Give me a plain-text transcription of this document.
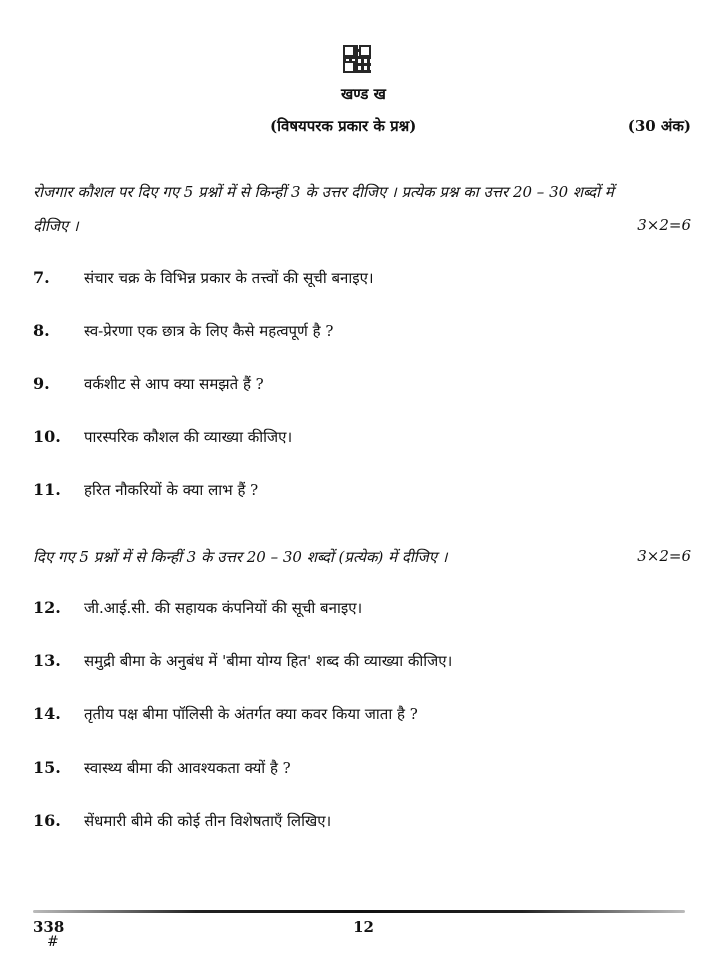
खण्ड ख
(विषयपरक प्रकार के प्रश्न)	(30 अंक)
रोजगार कौशल पर दिए गए 5 प्रश्नों में से किन्हीं 3 के उत्तर दीजिए । प्रत्येक प्रश्न का उत्तर 20 – 30 शब्दों में
दीजिए ।	3×2=6
7. संचार चक्र के विभिन्न प्रकार के तत्त्वों की सूची बनाइए।
8. स्व-प्रेरणा एक छात्र के लिए कैसे महत्वपूर्ण है ?
9. वर्कशीट से आप क्या समझते हैं ?
10. पारस्परिक कौशल की व्याख्या कीजिए।
11. हरित नौकरियों के क्या लाभ हैं ?
दिए गए 5 प्रश्नों में से किन्हीं 3 के उत्तर 20 – 30 शब्दों (प्रत्येक) में दीजिए ।	3×2=6
12. जी.आई.सी. की सहायक कंपनियों की सूची बनाइए।
13. समुद्री बीमा के अनुबंध में 'बीमा योग्य हित' शब्द की व्याख्या कीजिए।
14. तृतीय पक्ष बीमा पॉलिसी के अंतर्गत क्या कवर किया जाता है ?
15. स्वास्थ्य बीमा की आवश्यकता क्यों है ?
16. सेंधमारी बीमे की कोई तीन विशेषताएँ लिखिए।
338	12
#
